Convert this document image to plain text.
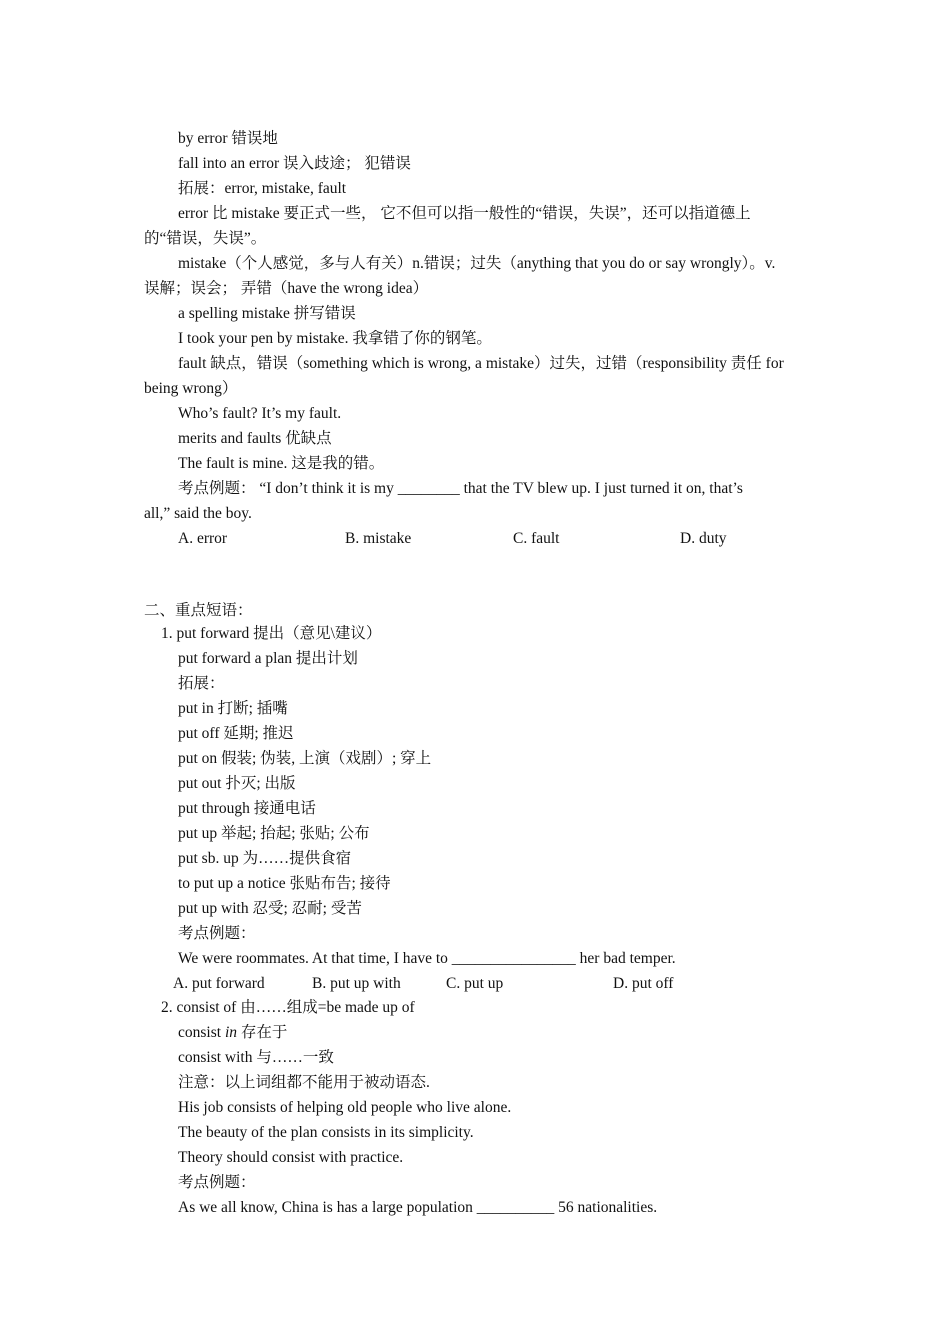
by error 错误地
fall into an error 误入歧途； 犯错误
拓展：error, mistake, fault
error 比 mistake 要正式一些， 它不但可以指一般性的“错误，失误”，还可以指道德上
的“错误，失误”。
mistake（个人感觉，多与人有关）n.错误；过失（anything that you do or say wrongly）。v.
误解；误会； 弄错（have the wrong idea）
a spelling mistake 拼写错误
I took your pen by mistake. 我拿错了你的钢笔。
fault 缺点，错误（something which is wrong, a mistake）过失，过错（responsibility 责任 for
being wrong）
Who’s fault? It’s my fault.
merits and faults 优缺点
The fault is mine. 这是我的错。
考点例题： “I don’t think it is my ________ that the TV blew up. I just turned it on, that’s
all,” said the boy.
A. error	B. mistake	C. fault	D. duty
二、重点短语：
1. put forward 提出（意见\建议）
put forward a plan 提出计划
拓展：
put in 打断; 插嘴
put off 延期; 推迟
put on 假装; 伪装, 上演（戏剧）; 穿上
put out 扑灭; 出版
put through 接通电话
put up 举起; 抬起; 张贴; 公布
put sb. up 为……提供食宿
to put up a notice 张贴布告; 接待
put up with 忍受; 忍耐; 受苦
考点例题：
We were roommates. At that time, I have to ________________ her bad temper.
A. put forward	B. put up with	C. put up	D. put off
2. consist of 由……组成=be made up of
consist in 存在于
consist with 与……一致
注意：以上词组都不能用于被动语态.
His job consists of helping old people who live alone.
The beauty of the plan consists in its simplicity.
Theory should consist with practice.
考点例题：
As we all know, China is has a large population __________ 56 nationalities.
